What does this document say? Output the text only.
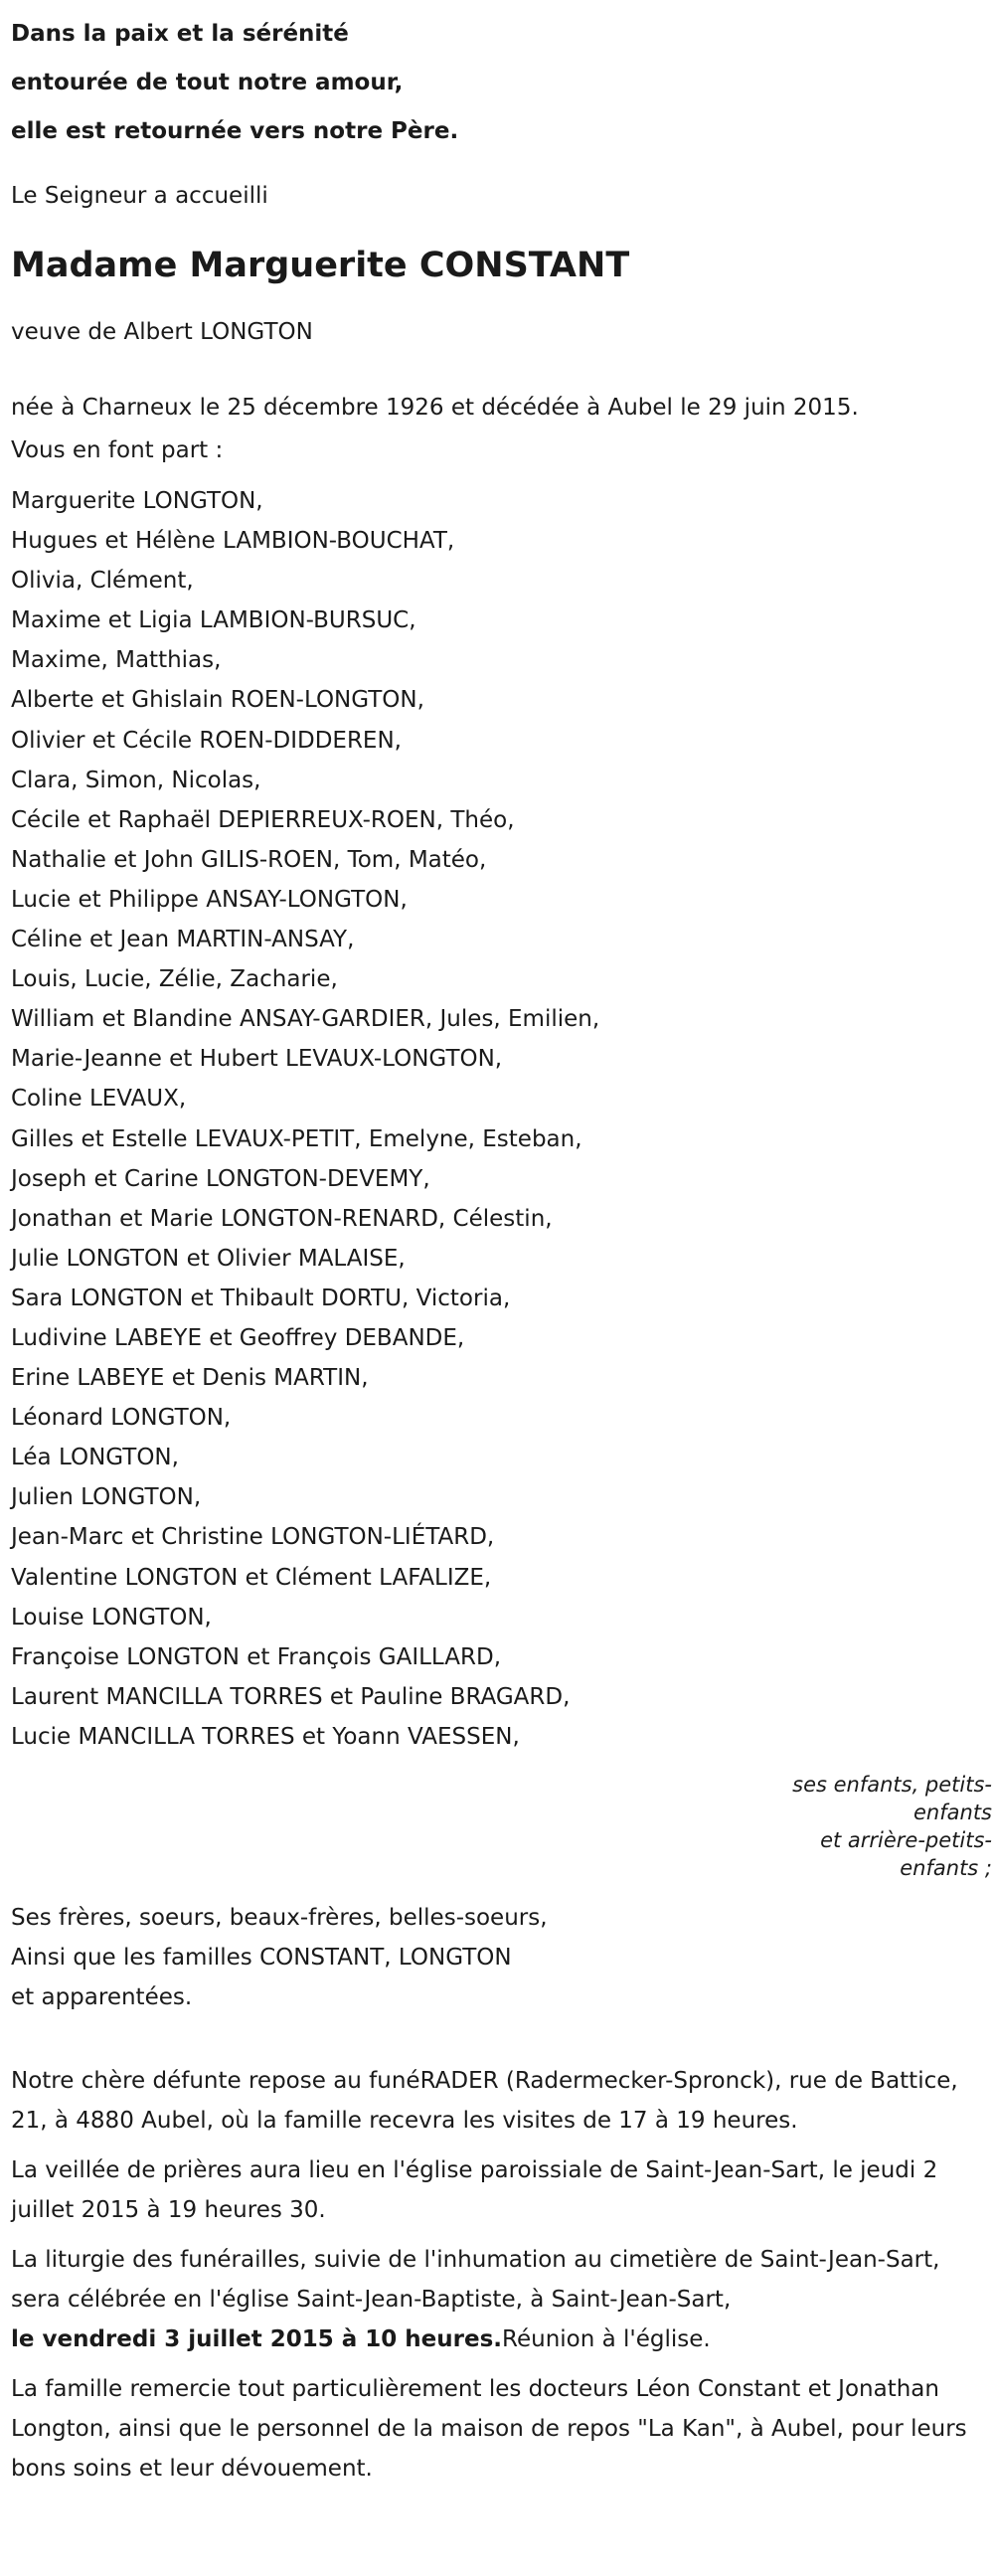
Dans la paix et la sérénité
entourée de tout notre amour,
elle est retournée vers notre Père.
Le Seigneur a accueilli
Madame Marguerite CONSTANT
veuve de Albert LONGTON
née à Charneux le 25 décembre 1926 et décédée à Aubel le 29 juin 2015.
Vous en font part :
Marguerite LONGTON,
Hugues et Hélène LAMBION-BOUCHAT,
Olivia, Clément,
Maxime et Ligia LAMBION-BURSUC,
Maxime, Matthias,
Alberte et Ghislain ROEN-LONGTON,
Olivier et Cécile ROEN-DIDDEREN,
Clara, Simon, Nicolas,
Cécile et Raphaël DEPIERREUX-ROEN, Théo,
Nathalie et John GILIS-ROEN, Tom, Matéo,
Lucie et Philippe ANSAY-LONGTON,
Céline et Jean MARTIN-ANSAY,
Louis, Lucie, Zélie, Zacharie,
William et Blandine ANSAY-GARDIER, Jules, Emilien,
Marie-Jeanne et Hubert LEVAUX-LONGTON,
Coline LEVAUX,
Gilles et Estelle LEVAUX-PETIT, Emelyne, Esteban,
Joseph et Carine LONGTON-DEVEMY,
Jonathan et Marie LONGTON-RENARD, Célestin,
Julie LONGTON et Olivier MALAISE,
Sara LONGTON et Thibault DORTU, Victoria,
Ludivine LABEYE et Geoffrey DEBANDE,
Erine LABEYE et Denis MARTIN,
Léonard LONGTON,
Léa LONGTON,
Julien LONGTON,
Jean-Marc et Christine LONGTON-LIÉTARD,
Valentine LONGTON et Clément LAFALIZE,
Louise LONGTON,
Françoise LONGTON et François GAILLARD,
Laurent MANCILLA TORRES et Pauline BRAGARD,
Lucie MANCILLA TORRES et Yoann VAESSEN,
ses enfants, petits-
enfants
et arrière-petits-
enfants ;
Ses frères, soeurs, beaux-frères, belles-soeurs,
Ainsi que les familles CONSTANT, LONGTON
et apparentées.
Notre chère défunte repose au funéRADER (Radermecker-Spronck), rue de Battice, 21, à 4880 Aubel, où la famille recevra les visites de 17 à 19 heures.
La veillée de prières aura lieu en l'église paroissiale de Saint-Jean-Sart, le jeudi 2 juillet 2015 à 19 heures 30.
La liturgie des funérailles, suivie de l'inhumation au cimetière de Saint-Jean-Sart, sera célébrée en l'église Saint-Jean-Baptiste, à Saint-Jean-Sart,
le vendredi 3 juillet 2015 à 10 heures.Réunion à l'église.
La famille remercie tout particulièrement les docteurs Léon Constant et Jonathan Longton, ainsi que le personnel de la maison de repos "La Kan", à Aubel, pour leurs bons soins et leur dévouement.
